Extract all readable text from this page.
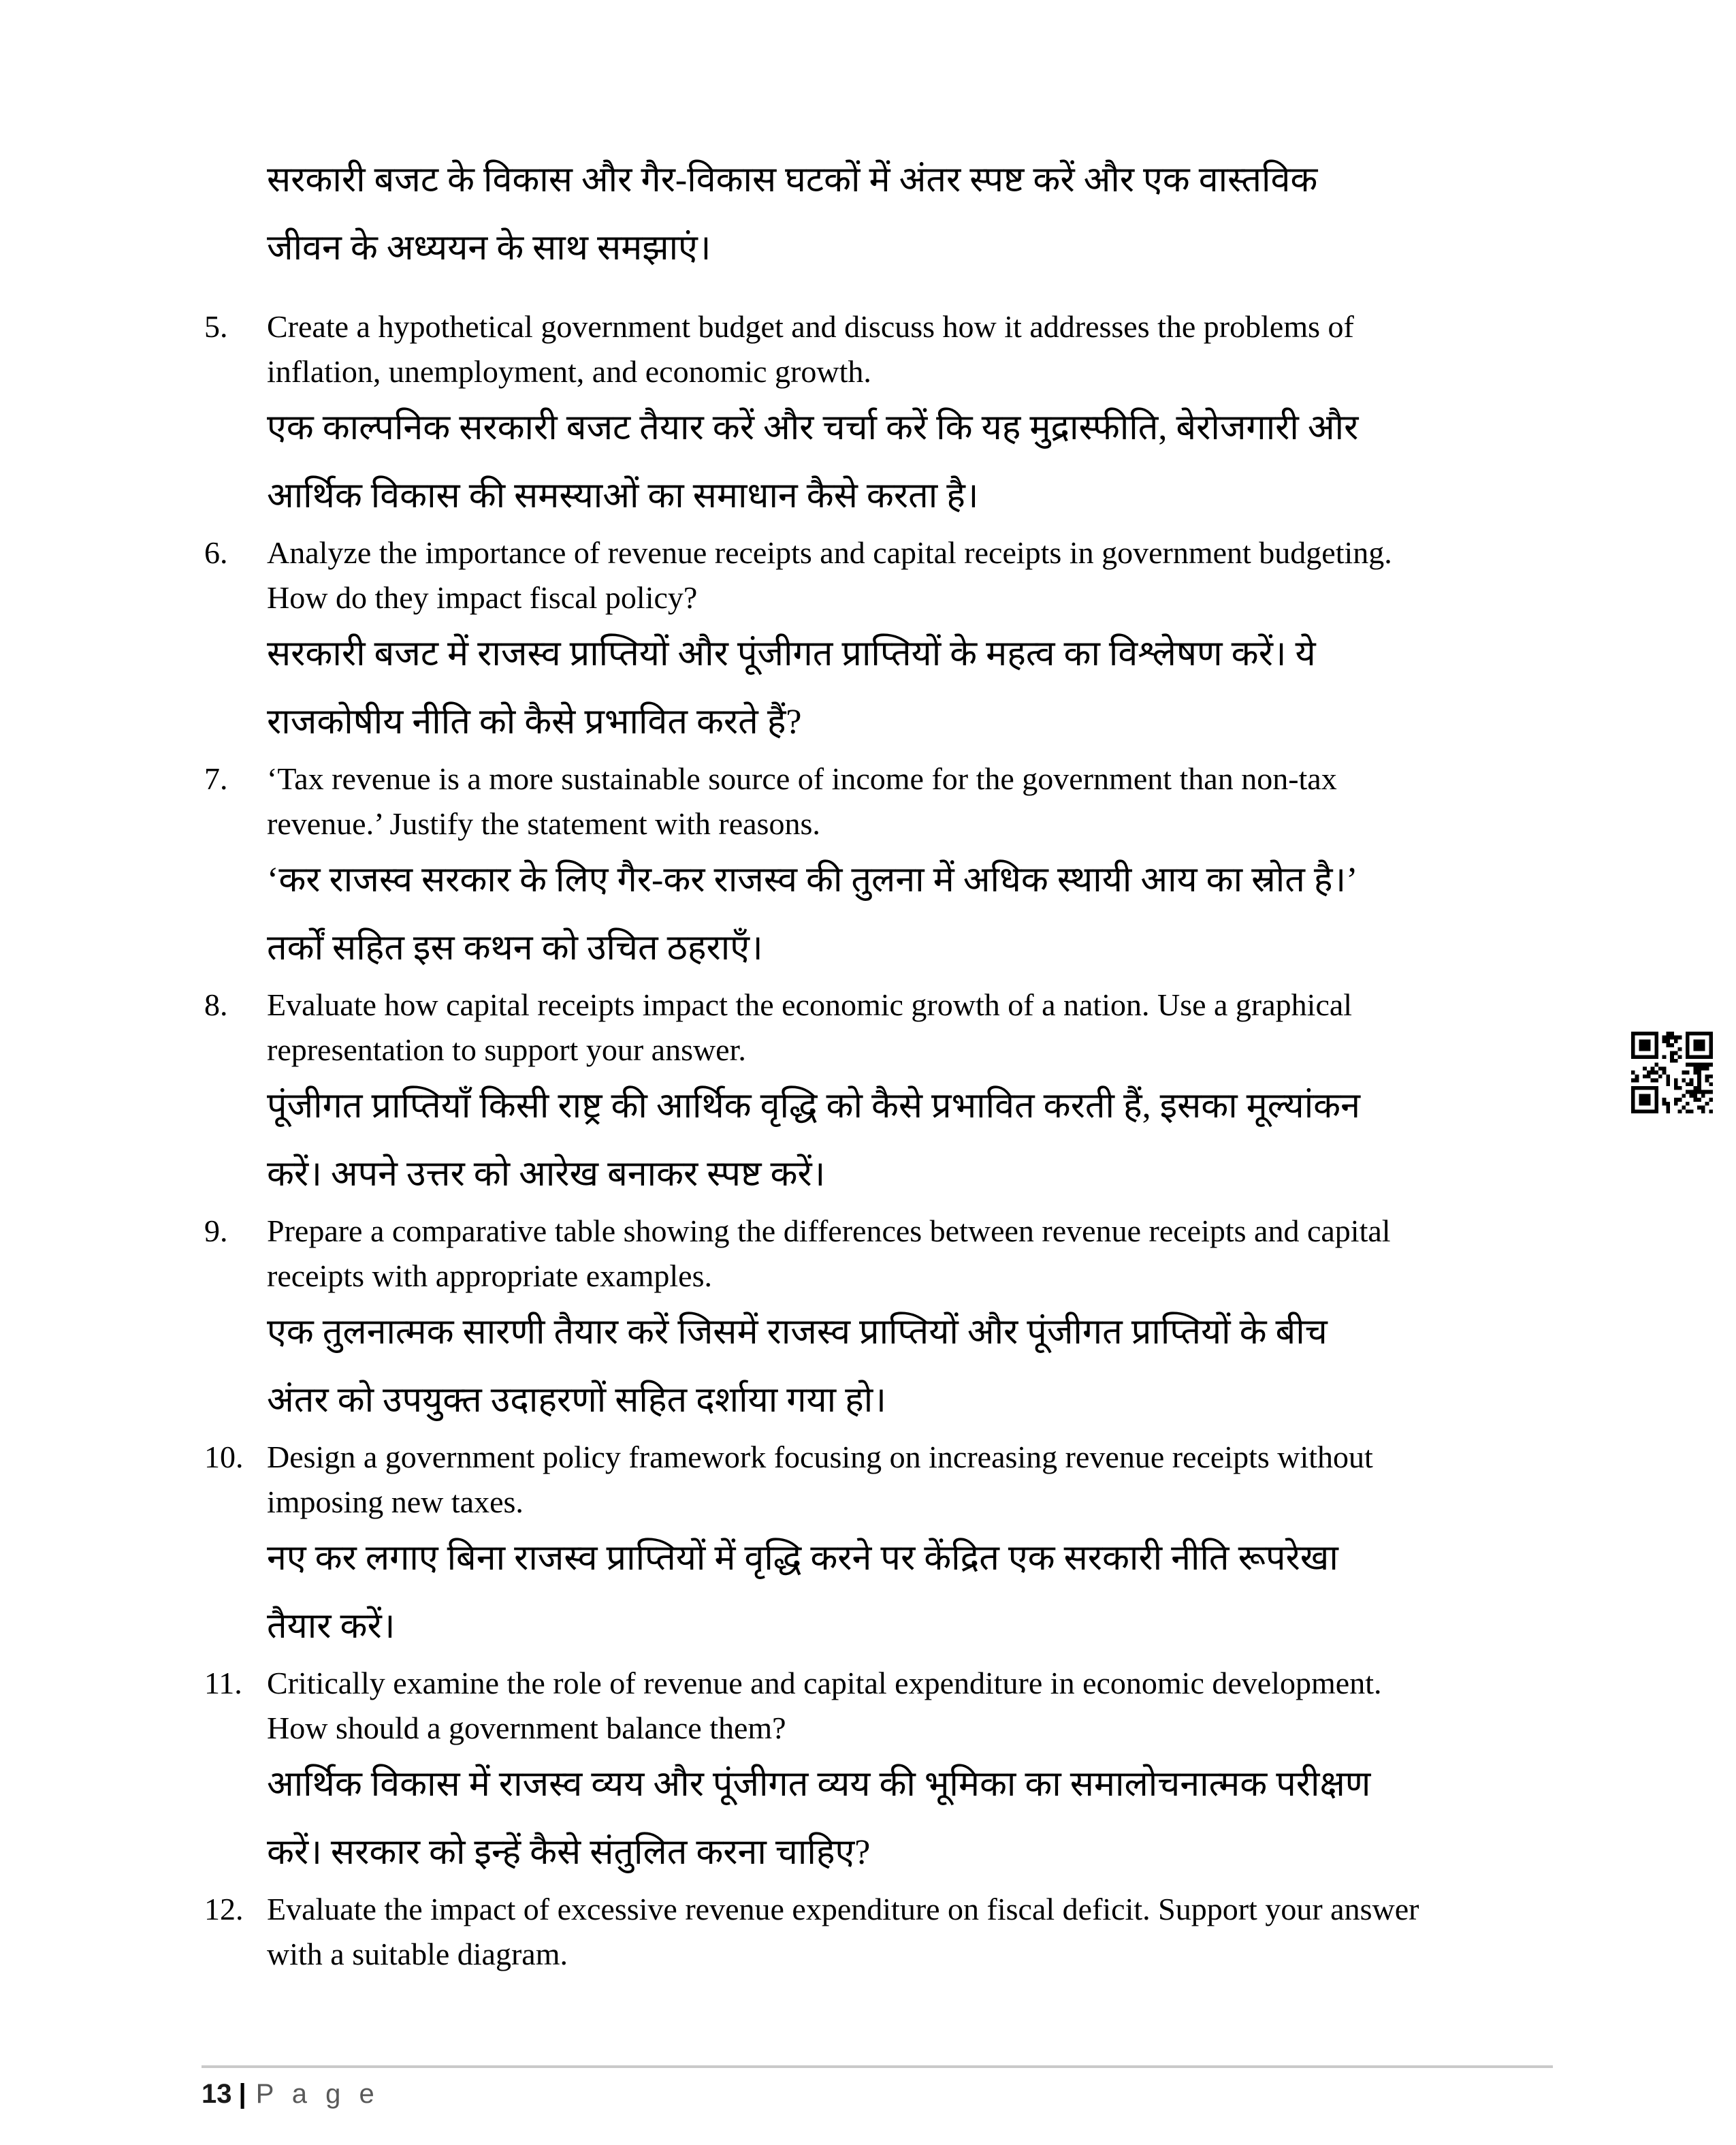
सरकारी बजट के विकास और गैर-विकास घटकों में अंतर स्पष्ट करें और एक वास्तविक
जीवन के अध्ययन के साथ समझाएं।
5.	Create a hypothetical government budget and discuss how it addresses the problems of
inflation, unemployment, and economic growth.
एक काल्पनिक सरकारी बजट तैयार करें और चर्चा करें कि यह मुद्रास्फीति, बेरोजगारी और
आर्थिक विकास की समस्याओं का समाधान कैसे करता है।
6.	Analyze the importance of revenue receipts and capital receipts in government budgeting.
How do they impact fiscal policy?
सरकारी बजट में राजस्व प्राप्तियों और पूंजीगत प्राप्तियों के महत्व का विश्लेषण करें। ये
राजकोषीय नीति को कैसे प्रभावित करते हैं?
7.	‘Tax revenue is a more sustainable source of income for the government than non-tax
revenue.’ Justify the statement with reasons.
‘कर राजस्व सरकार के लिए गैर-कर राजस्व की तुलना में अधिक स्थायी आय का स्रोत है।’
तर्कों सहित इस कथन को उचित ठहराएँ।
8.	Evaluate how capital receipts impact the economic growth of a nation. Use a graphical
representation to support your answer.
पूंजीगत प्राप्तियाँ किसी राष्ट्र की आर्थिक वृद्धि को कैसे प्रभावित करती हैं, इसका मूल्यांकन
करें। अपने उत्तर को आरेख बनाकर स्पष्ट करें।
9.	Prepare a comparative table showing the differences between revenue receipts and capital
receipts with appropriate examples.
एक तुलनात्मक सारणी तैयार करें जिसमें राजस्व प्राप्तियों और पूंजीगत प्राप्तियों के बीच
अंतर को उपयुक्त उदाहरणों सहित दर्शाया गया हो।
10. Design a government policy framework focusing on increasing revenue receipts without
imposing new taxes.
नए कर लगाए बिना राजस्व प्राप्तियों में वृद्धि करने पर केंद्रित एक सरकारी नीति रूपरेखा
तैयार करें।
11. Critically examine the role of revenue and capital expenditure in economic development.
How should a government balance them?
आर्थिक विकास में राजस्व व्यय और पूंजीगत व्यय की भूमिका का समालोचनात्मक परीक्षण
करें। सरकार को इन्हें कैसे संतुलित करना चाहिए?
12. Evaluate the impact of excessive revenue expenditure on fiscal deficit. Support your answer
with a suitable diagram.
13 | P a g e
